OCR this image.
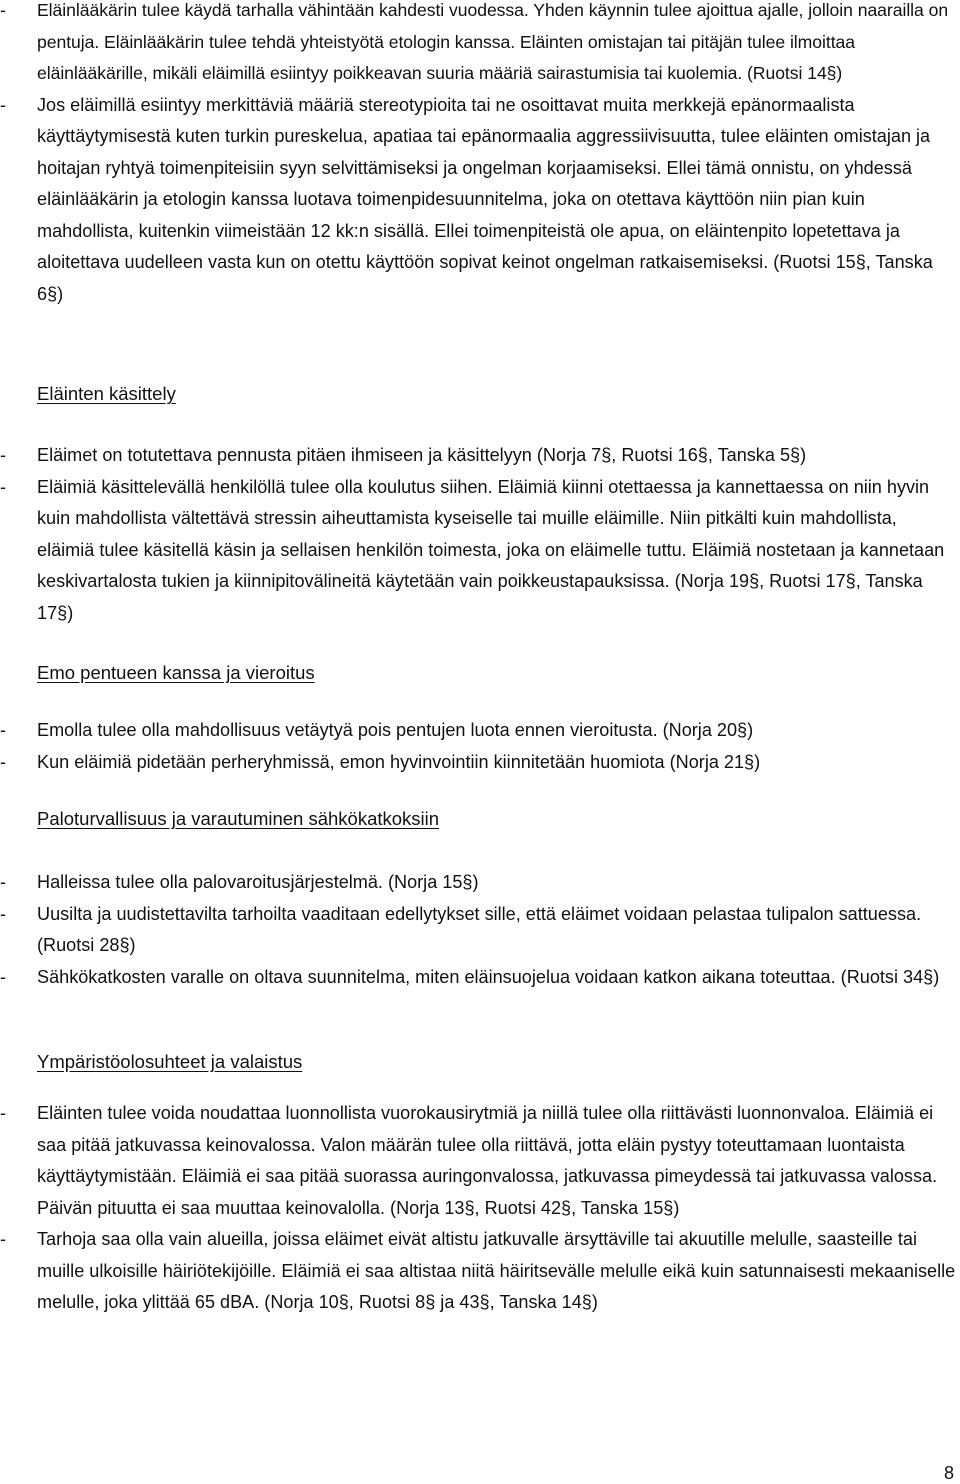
- Eläinlääkärin tulee käydä tarhalla vähintään kahdesti vuodessa. Yhden käynnin tulee ajoittua ajalle, jolloin naarailla on pentuja. Eläinlääkärin tulee tehdä yhteistyötä etologin kanssa. Eläinten omistajan tai pitäjän tulee ilmoittaa eläinlääkärille, mikäli eläimillä esiintyy poikkeavan suuria määriä sairastumisia tai kuolemia. (Ruotsi 14§)
- Jos eläimillä esiintyy merkittäviä määriä stereotypioita tai ne osoittavat muita merkkejä epänormaalista käyttäytymisestä kuten turkin pureskelua, apatiaa tai epänormaalia aggressiivisuutta, tulee eläinten omistajan ja hoitajan ryhtyä toimenpiteisiin syyn selvittämiseksi ja ongelman korjaamiseksi. Ellei tämä onnistu, on yhdessä eläinlääkärin ja etologin kanssa luotava toimenpidesuunnitelma, joka on otettava käyttöön niin pian kuin mahdollista, kuitenkin viimeistään 12 kk:n sisällä. Ellei toimenpiteistä ole apua, on eläintenpito lopetettava ja aloitettava uudelleen vasta kun on otettu käyttöön sopivat keinot ongelman ratkaisemiseksi. (Ruotsi 15§, Tanska 6§)
Eläinten käsittely
- Eläimet on totutettava pennusta pitäen ihmiseen ja käsittelyyn (Norja 7§, Ruotsi 16§, Tanska 5§)
- Eläimiä käsittelevällä henkilöllä tulee olla koulutus siihen. Eläimiä kiinni otettaessa ja kannettaessa on niin hyvin kuin mahdollista vältettävä stressin aiheuttamista kyseiselle tai muille eläimille. Niin pitkälti kuin mahdollista, eläimiä tulee käsitellä käsin ja sellaisen henkilön toimesta, joka on eläimelle tuttu. Eläimiä nostetaan ja kannetaan keskivartalosta tukien ja kiinnipitovälineitä käytetään vain poikkeustapauksissa. (Norja 19§, Ruotsi 17§, Tanska 17§)
Emo pentueen kanssa ja vieroitus
- Emolla tulee olla mahdollisuus vetäytyä pois pentujen luota ennen vieroitusta. (Norja 20§)
- Kun eläimiä pidetään perheryhmissä, emon hyvinvointiin kiinnitetään huomiota (Norja 21§)
Paloturvallisuus ja varautuminen sähkökatkoksiin
- Halleissa tulee olla palovaroitusjärjestelmä. (Norja 15§)
- Uusilta ja uudistettavilta tarhoilta vaaditaan edellytykset sille, että eläimet voidaan pelastaa tulipalon sattuessa. (Ruotsi 28§)
- Sähkökatkosten varalle on oltava suunnitelma, miten eläinsuojelua voidaan katkon aikana toteuttaa. (Ruotsi 34§)
Ympäristöolosuhteet ja valaistus
- Eläinten tulee voida noudattaa luonnollista vuorokausirytmiä ja niillä tulee olla riittävästi luonnonvaloa. Eläimiä ei saa pitää jatkuvassa keinovalossa. Valon määrän tulee olla riittävä, jotta eläin pystyy toteuttamaan luontaista käyttäytymistään. Eläimiä ei saa pitää suorassa auringonvalossa, jatkuvassa pimeydessä tai jatkuvassa valossa. Päivän pituutta ei saa muuttaa keinovalolla. (Norja 13§, Ruotsi 42§, Tanska 15§)
- Tarhoja saa olla vain alueilla, joissa eläimet eivät altistu jatkuvalle ärsyttäville tai akuutille melulle, saasteille tai muille ulkoisille häiriötekijöille. Eläimiä ei saa altistaa niitä häiritsevälle melulle eikä kuin satunnaisesti mekaaniselle melulle, joka ylittää 65 dBA. (Norja 10§, Ruotsi 8§ ja 43§, Tanska 14§)
8
